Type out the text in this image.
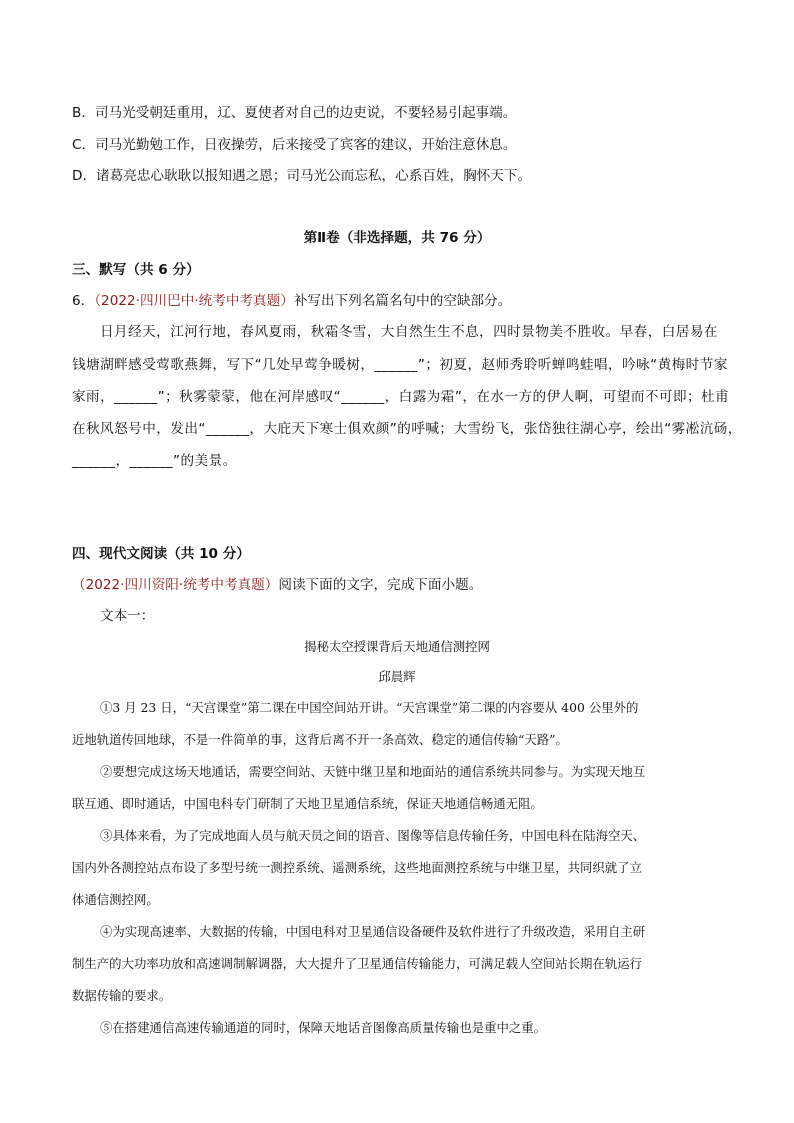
B．司马光受朝廷重用，辽、夏使者对自己的边吏说，不要轻易引起事端。
C．司马光勤勉工作，日夜操劳，后来接受了宾客的建议，开始注意休息。
D．诸葛亮忠心耿耿以报知遇之恩；司马光公而忘私，心系百姓，胸怀天下。
第Ⅱ卷（非选择题，共 76 分）
三、默写（共 6 分）
6．（2022·四川巴中·统考中考真题）补写出下列名篇名句中的空缺部分。
日月经天，江河行地，春风夏雨，秋霜冬雪，大自然生生不息，四时景物美不胜收。早春，白居易在
钱塘湖畔感受莺歌燕舞，写下“几处早莺争暖树，______”；初夏，赵师秀聆听蝉鸣蛙唱，吟咏“黄梅时节家
家雨，______”；秋雾蒙蒙，他在河岸感叹“______，白露为霜”，在水一方的伊人啊，可望而不可即；杜甫
在秋风怒号中，发出“______，大庇天下寒士俱欢颜”的呼喊；大雪纷飞，张岱独往湖心亭，绘出“雾凇沆砀，
______，______”的美景。
四、现代文阅读（共 10 分）
（2022·四川资阳·统考中考真题）阅读下面的文字，完成下面小题。
文本一：
揭秘太空授课背后天地通信测控网
邱晨辉
①3 月 23 日，“天宫课堂”第二课在中国空间站开讲。“天宫课堂”第二课的内容要从 400 公里外的
近地轨道传回地球，不是一件简单的事，这背后离不开一条高效、稳定的通信传输“天路”。
②要想完成这场天地通话，需要空间站、天链中继卫星和地面站的通信系统共同参与。为实现天地互
联互通、即时通话，中国电科专门研制了天地卫星通信系统，保证天地通信畅通无阻。
③具体来看，为了完成地面人员与航天员之间的语音、图像等信息传输任务，中国电科在陆海空天、
国内外各测控站点布设了多型号统一测控系统、遥测系统，这些地面测控系统与中继卫星，共同织就了立
体通信测控网。
④为实现高速率、大数据的传输，中国电科对卫星通信设备硬件及软件进行了升级改造，采用自主研
制生产的大功率功放和高速调制解调器，大大提升了卫星通信传输能力，可满足载人空间站长期在轨运行
数据传输的要求。
⑤在搭建通信高速传输通道的同时，保障天地话音图像高质量传输也是重中之重。
